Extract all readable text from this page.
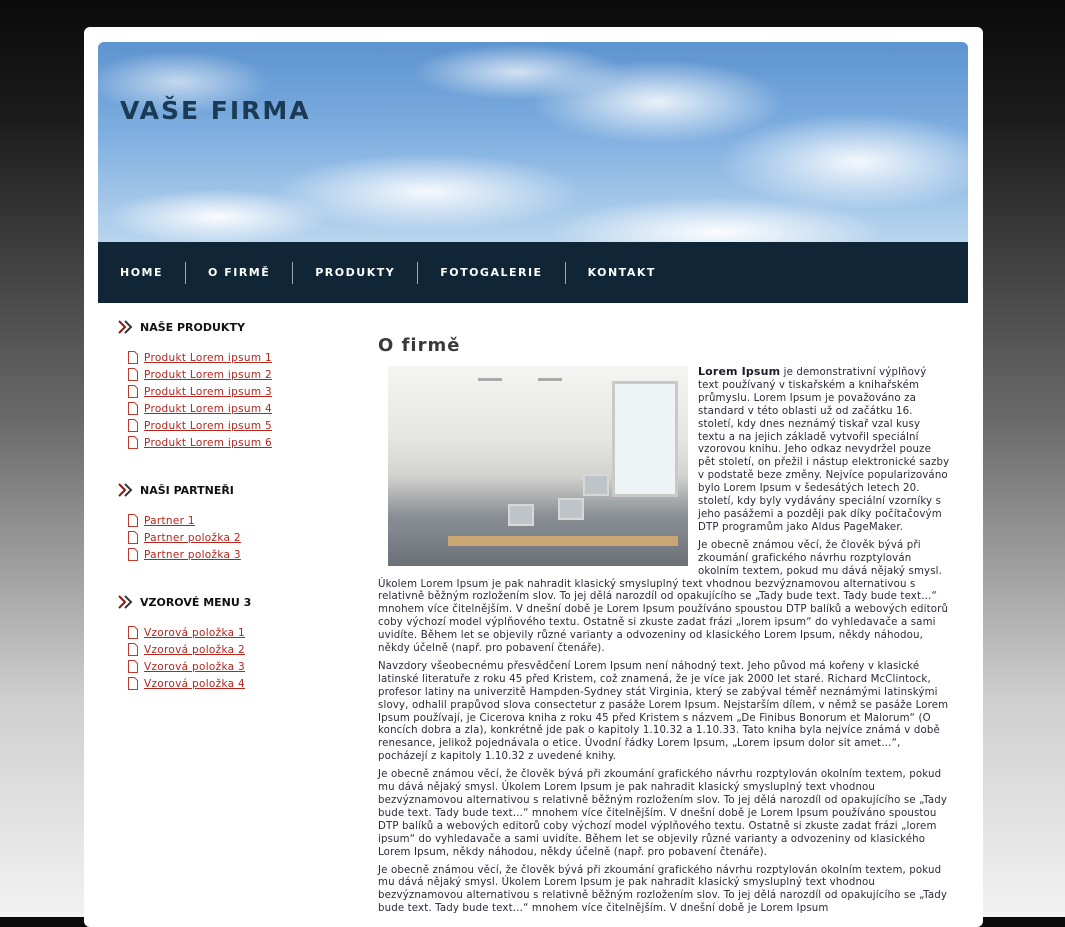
VAŠE FIRMA
HOME	O FIRMĚ	PRODUKTY	FOTOGALERIE	KONTAKT
NAŠE PRODUKTY
Produkt Lorem ipsum 1
Produkt Lorem ipsum 2
Produkt Lorem ipsum 3
Produkt Lorem ipsum 4
Produkt Lorem ipsum 5
Produkt Lorem ipsum 6
NAŠI PARTNEŘI
Partner 1
Partner položka 2
Partner položka 3
VZOROVÉ MENU 3
Vzorová položka 1
Vzorová položka 2
Vzorová položka 3
Vzorová položka 4
O firmě

Lorem Ipsum je demonstrativní výplňový text používaný v tiskařském a knihařském průmyslu. Lorem Ipsum je považováno za standard v této oblasti už od začátku 16. století, kdy dnes neznámý tiskař vzal kusy textu a na jejich základě vytvořil speciální vzorovou knihu. Jeho odkaz nevydržel pouze pět století, on přežil i nástup elektronické sazby v podstatě beze změny. Nejvíce popularizováno bylo Lorem Ipsum v šedesátých letech 20. století, kdy byly vydávány speciální vzorníky s jeho pasážemi a později pak díky počítačovým DTP programům jako Aldus PageMaker.

Je obecně známou věcí, že člověk bývá při zkoumání grafického návrhu rozptylován okolním textem, pokud mu dává nějaký smysl. Úkolem Lorem Ipsum je pak nahradit klasický smysluplný text vhodnou bezvýznamovou alternativou s relativně běžným rozložením slov. To jej dělá narozdíl od opakujícího se „Tady bude text. Tady bude text…“ mnohem více čitelnějším. V dnešní době je Lorem Ipsum používáno spoustou DTP balíků a webových editorů coby výchozí model výplňového textu. Ostatně si zkuste zadat frázi „lorem ipsum“ do vyhledavače a sami uvidíte. Během let se objevily různé varianty a odvozeniny od klasického Lorem Ipsum, někdy náhodou, někdy účelně (např. pro pobavení čtenáře).

Navzdory všeobecnému přesvědčení Lorem Ipsum není náhodný text. Jeho původ má kořeny v klasické latinské literatuře z roku 45 před Kristem, což znamená, že je více jak 2000 let staré. Richard McClintock, profesor latiny na univerzitě Hampden-Sydney stát Virginia, který se zabýval téměř neznámými latinskými slovy, odhalil prapůvod slova consectetur z pasáže Lorem Ipsum. Nejstarším dílem, v němž se pasáže Lorem Ipsum používají, je Cicerova kniha z roku 45 před Kristem s názvem „De Finibus Bonorum et Malorum“ (O koncích dobra a zla), konkrétně jde pak o kapitoly 1.10.32 a 1.10.33. Tato kniha byla nejvíce známá v době renesance, jelikož pojednávala o etice. Úvodní řádky Lorem Ipsum, „Lorem ipsum dolor sit amet…“, pocházejí z kapitoly 1.10.32 z uvedené knihy.

Je obecně známou věcí, že člověk bývá při zkoumání grafického návrhu rozptylován okolním textem, pokud mu dává nějaký smysl. Úkolem Lorem Ipsum je pak nahradit klasický smysluplný text vhodnou bezvýznamovou alternativou s relativně běžným rozložením slov. To jej dělá narozdíl od opakujícího se „Tady bude text. Tady bude text…“ mnohem více čitelnějším. V dnešní době je Lorem Ipsum používáno spoustou DTP balíků a webových editorů coby výchozí model výplňového textu. Ostatně si zkuste zadat frázi „lorem ipsum“ do vyhledavače a sami uvidíte. Během let se objevily různé varianty a odvozeniny od klasického Lorem Ipsum, někdy náhodou, někdy účelně (např. pro pobavení čtenáře).

Je obecně známou věcí, že člověk bývá při zkoumání grafického návrhu rozptylován okolním textem, pokud mu dává nějaký smysl. Úkolem Lorem Ipsum je pak nahradit klasický smysluplný text vhodnou bezvýznamovou alternativou s relativně běžným rozložením slov. To jej dělá narozdíl od opakujícího se „Tady bude text. Tady bude text…“ mnohem více čitelnějším. V dnešní době je Lorem Ipsum
